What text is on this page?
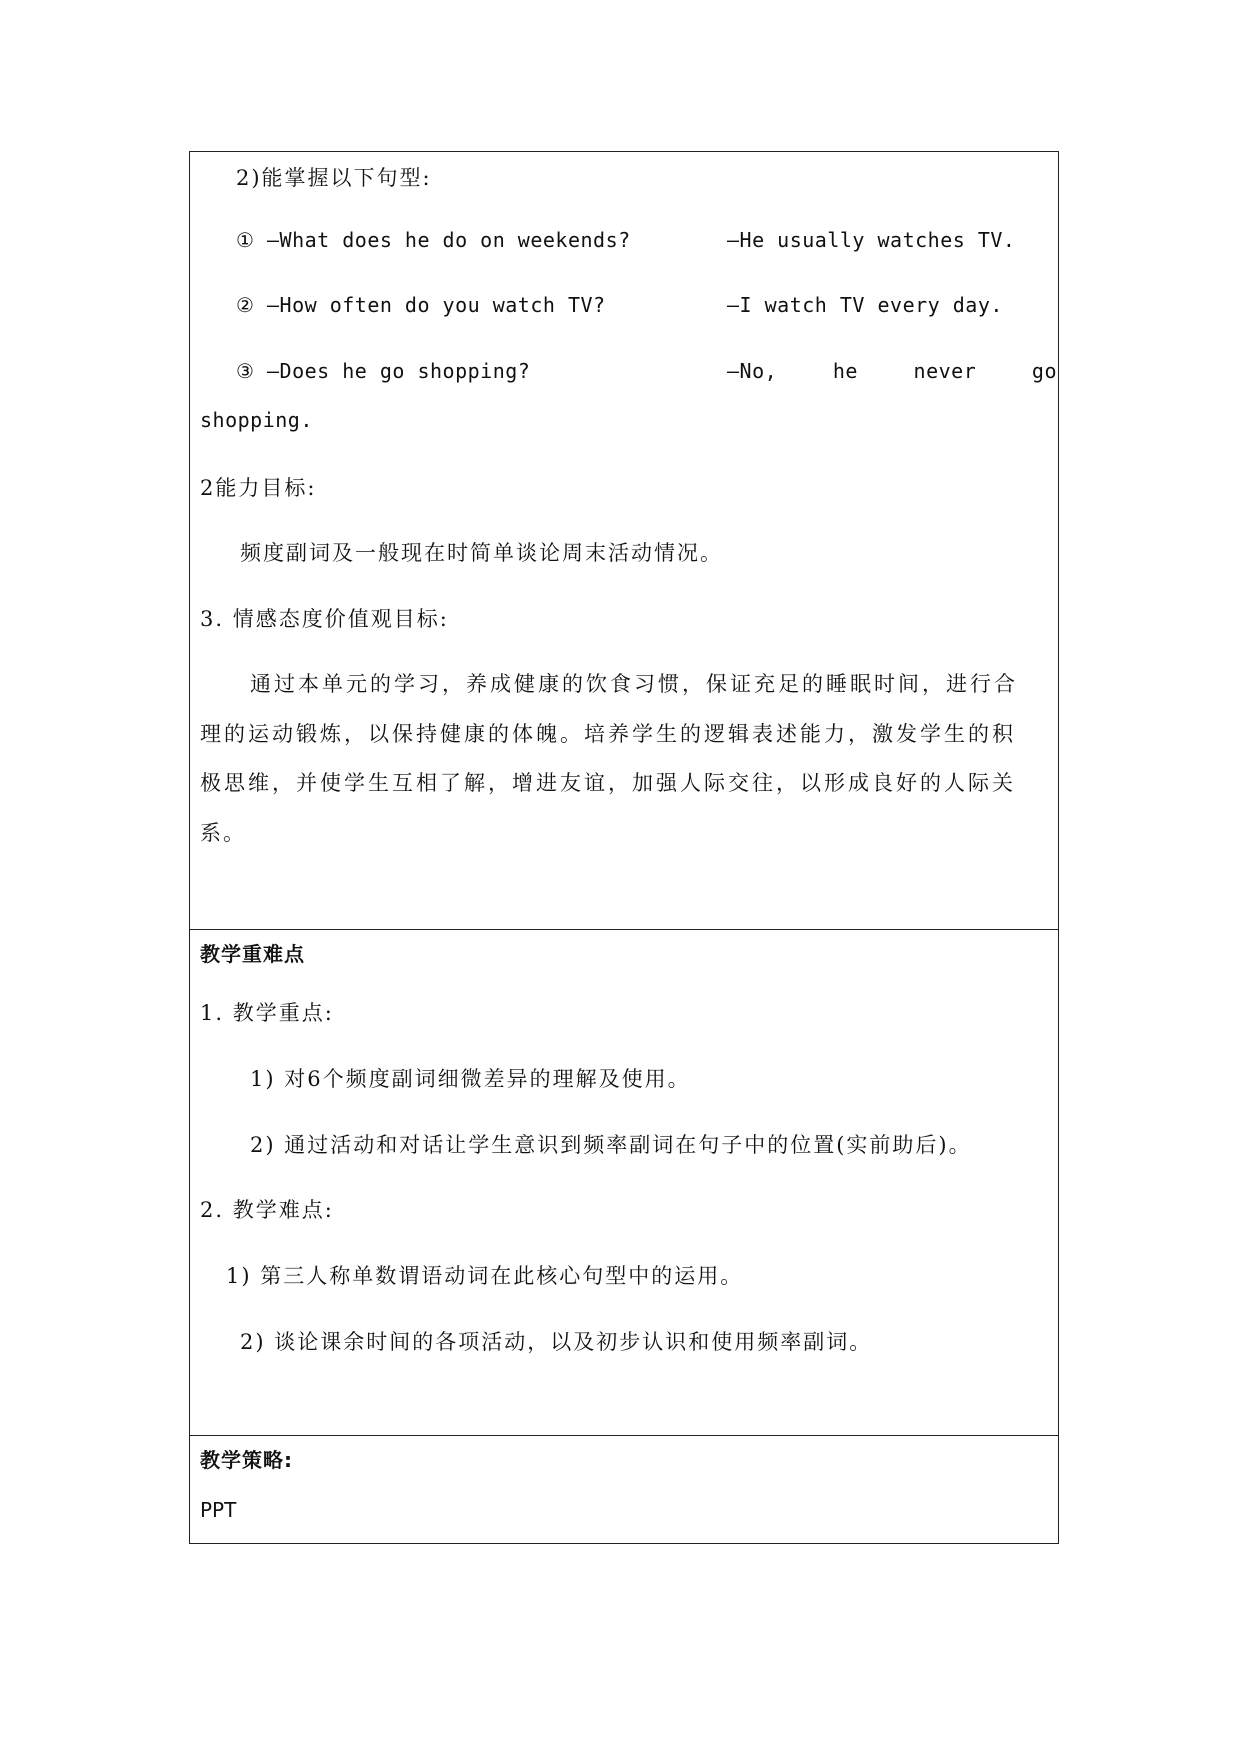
2)能掌握以下句型:
① —What does he do on weekends?	—He usually watches TV.
② —How often do you watch TV?	—I watch TV every day.
③ —Does he go shopping?	—No,	he	never	go
shopping.
2能力目标:
频度副词及一般现在时简单谈论周末活动情况。
3. 情感态度价值观目标:
通过本单元的学习，养成健康的饮食习惯，保证充足的睡眠时间，进行合
理的运动锻炼，以保持健康的体魄。培养学生的逻辑表述能力，激发学生的积
极思维，并使学生互相了解，增进友谊，加强人际交往，以形成良好的人际关
系。
教学重难点
1. 教学重点:
1) 对6个频度副词细微差异的理解及使用。
2) 通过活动和对话让学生意识到频率副词在句子中的位置(实前助后)。
2. 教学难点:
1) 第三人称单数谓语动词在此核心句型中的运用。
2) 谈论课余时间的各项活动，以及初步认识和使用频率副词。
教学策略:
PPT
